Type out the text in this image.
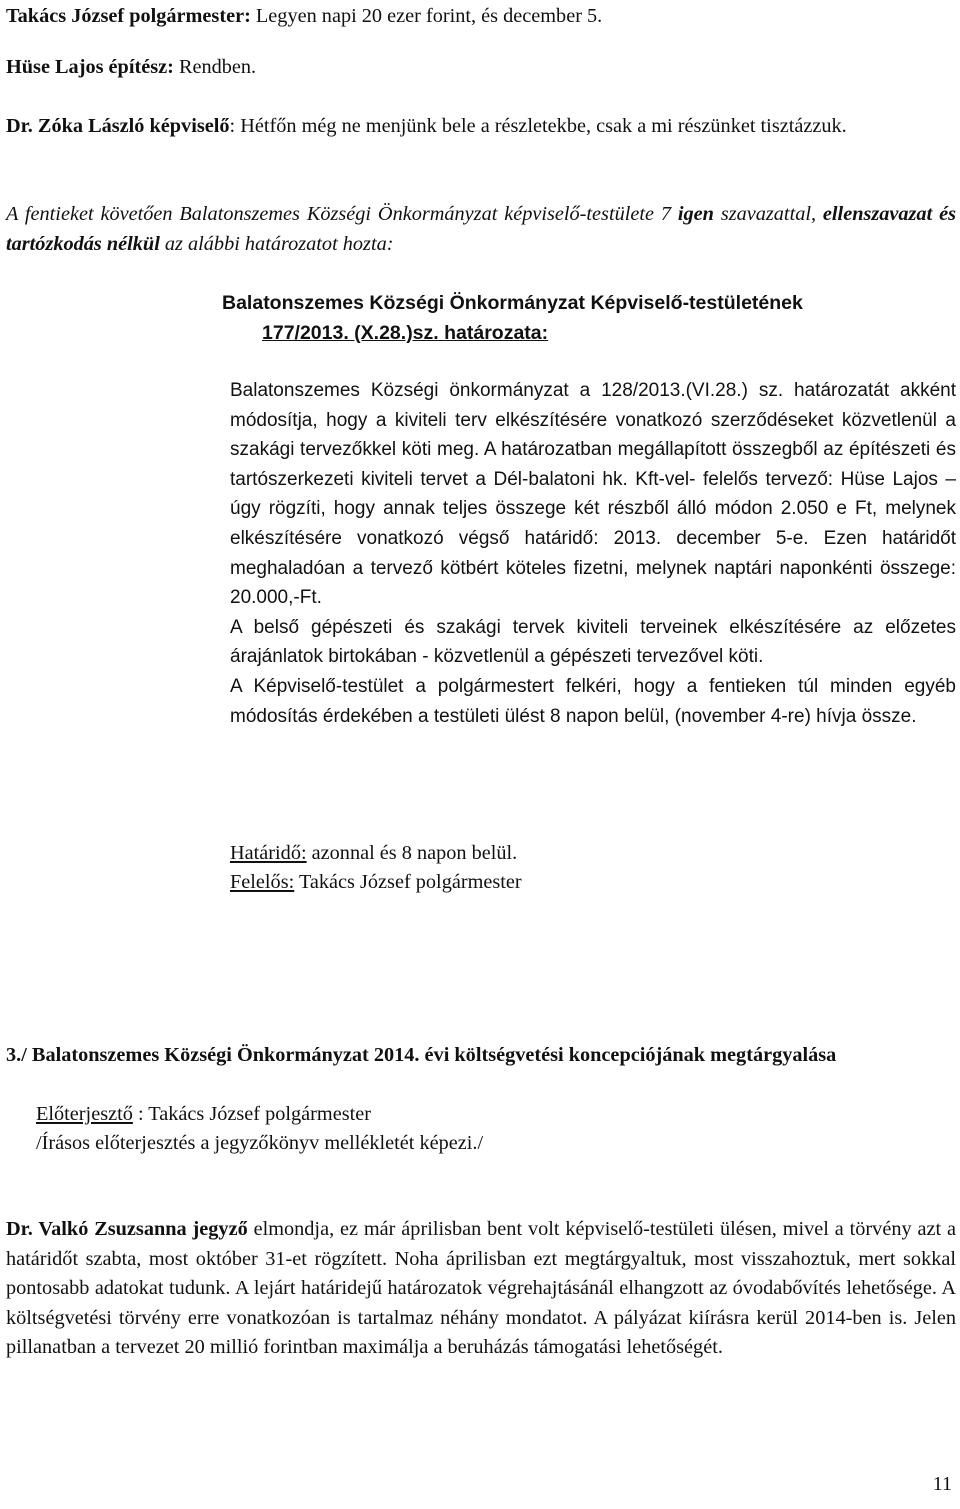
Takács József polgármester: Legyen napi 20 ezer forint, és december 5.

Hüse Lajos építész: Rendben.

Dr. Zóka László képviselő: Hétfőn még ne menjünk bele a részletekbe, csak a mi részünket tisztázzuk.

A fentieket követően Balatonszemes Községi Önkormányzat képviselő-testülete 7 igen szavazattal, ellenszavazat és tartózkodás nélkül az alábbi határozatot hozta:

Balatonszemes Községi Önkormányzat Képviselő-testületének

177/2013. (X.28.)sz. határozata:

Balatonszemes Községi önkormányzat a 128/2013.(VI.28.) sz. határozatát akként módosítja, hogy a kiviteli terv elkészítésére vonatkozó szerződéseket közvetlenül a szakági tervezőkkel köti meg. A határozatban megállapított összegből az építészeti és tartószerkezeti kiviteli tervet a Dél-balatoni hk. Kft-vel- felelős tervező: Hüse Lajos – úgy rögzíti, hogy annak teljes összege két részből álló módon 2.050 e Ft, melynek elkészítésére vonatkozó végső határidő: 2013. december 5-e. Ezen határidőt meghaladóan a tervező kötbért köteles fizetni, melynek naptári naponkénti összege: 20.000,-Ft.

A belső gépészeti és szakági tervek kiviteli terveinek elkészítésére az előzetes árajánlatok birtokában - közvetlenül a gépészeti tervezővel köti.

A Képviselő-testület a polgármestert felkéri, hogy a fentieken túl minden egyéb módosítás érdekében a testületi ülést 8 napon belül, (november 4-re) hívja össze.

Határidő: azonnal és 8 napon belül.

Felelős: Takács József polgármester

3./ Balatonszemes Községi Önkormányzat 2014. évi költségvetési koncepciójának megtárgyalása

Előterjesztő : Takács József polgármester

/Írásos előterjesztés a jegyzőkönyv mellékletét képezi./

Dr. Valkó Zsuzsanna jegyző elmondja, ez már áprilisban bent volt képviselő-testületi ülésen, mivel a törvény azt a határidőt szabta, most október 31-et rögzített. Noha áprilisban ezt megtárgyaltuk, most visszahoztuk, mert sokkal pontosabb adatokat tudunk. A lejárt határidejű határozatok végrehajtásánál elhangzott az óvodabővítés lehetősége. A költségvetési törvény erre vonatkozóan is tartalmaz néhány mondatot. A pályázat kiírásra kerül 2014-ben is. Jelen pillanatban a tervezet 20 millió forintban maximálja a beruházás támogatási lehetőségét.

11
